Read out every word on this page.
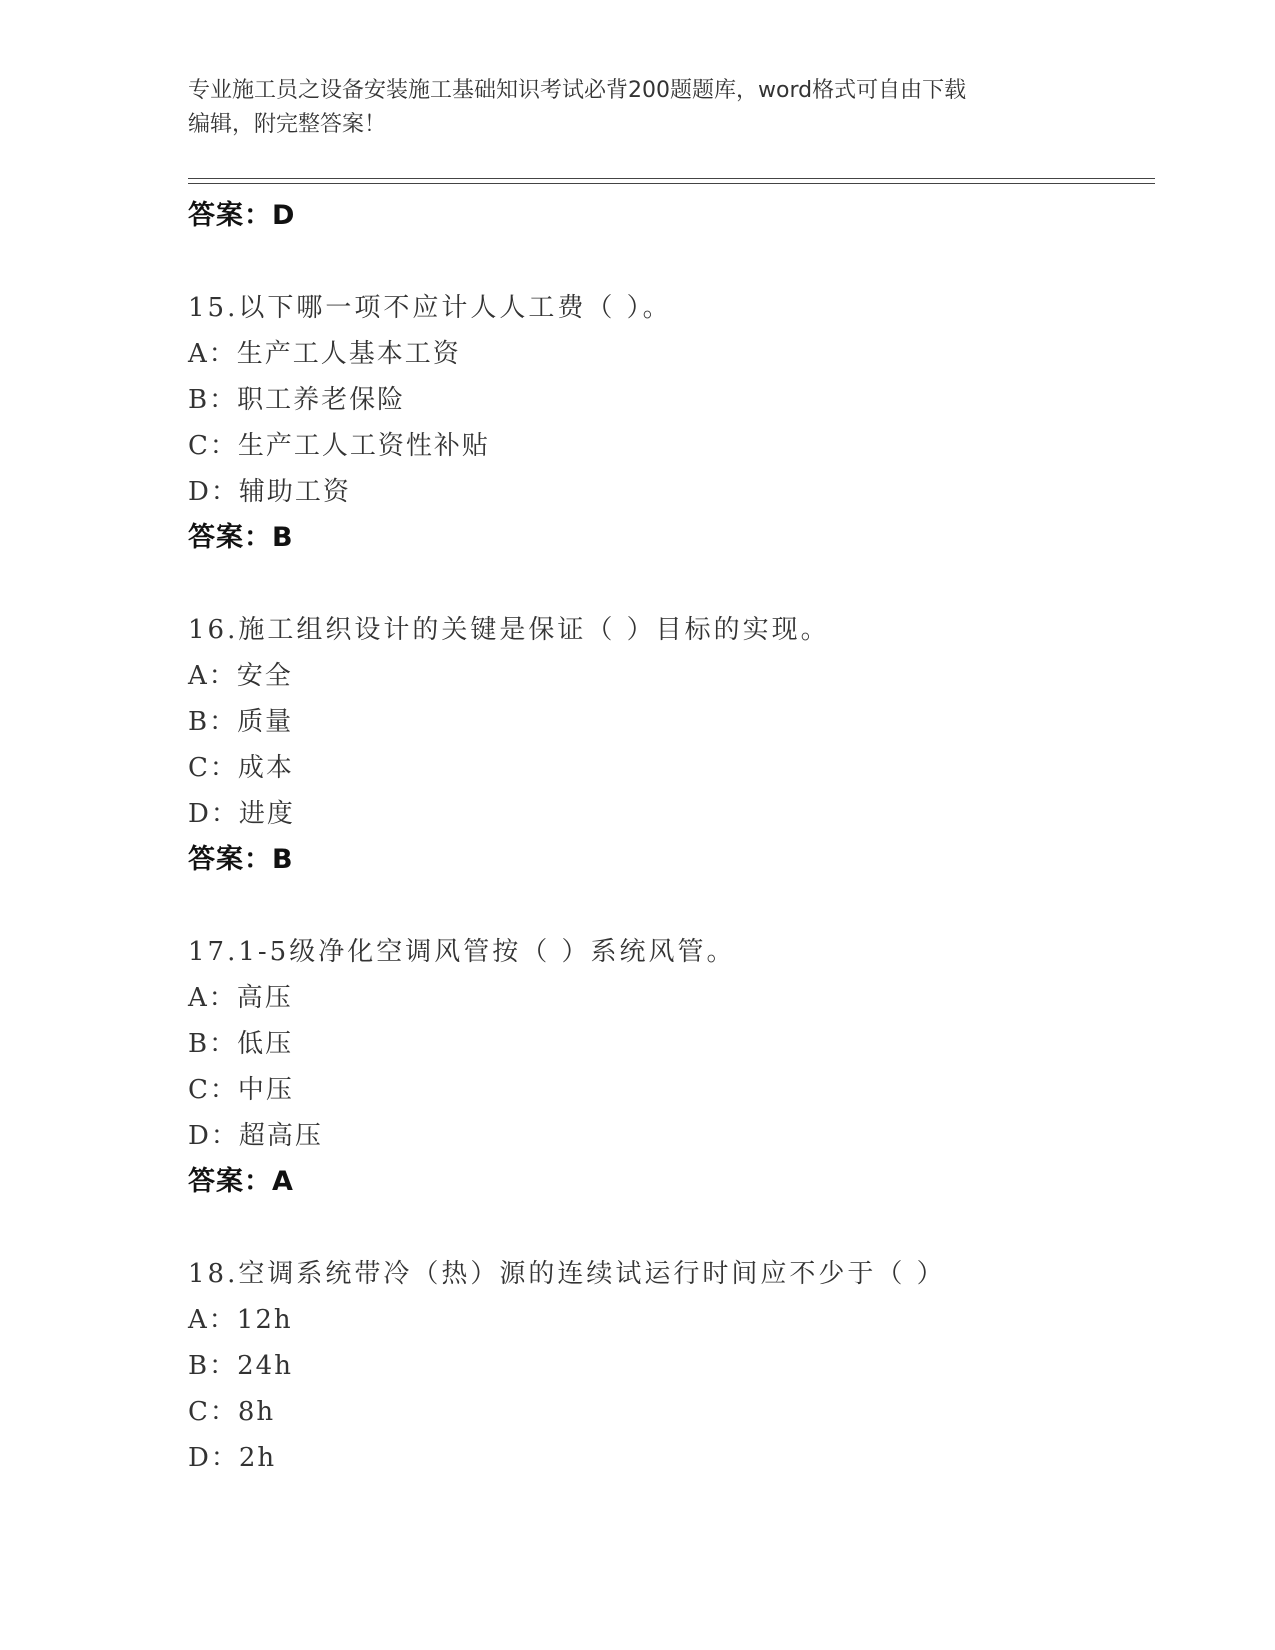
专业施工员之设备安装施工基础知识考试必背200题题库，word格式可自由下载
编辑，附完整答案！
答案：D
15.以下哪一项不应计人人工费（ ）。
A：生产工人基本工资
B：职工养老保险
C：生产工人工资性补贴
D：辅助工资
答案：B
16.施工组织设计的关键是保证（ ）目标的实现。
A：安全
B：质量
C：成本
D：进度
答案：B
17.1-5级净化空调风管按（ ）系统风管。
A：高压
B：低压
C：中压
D：超高压
答案：A
18.空调系统带冷（热）源的连续试运行时间应不少于（ ）
A：12h
B：24h
C：8h
D：2h
